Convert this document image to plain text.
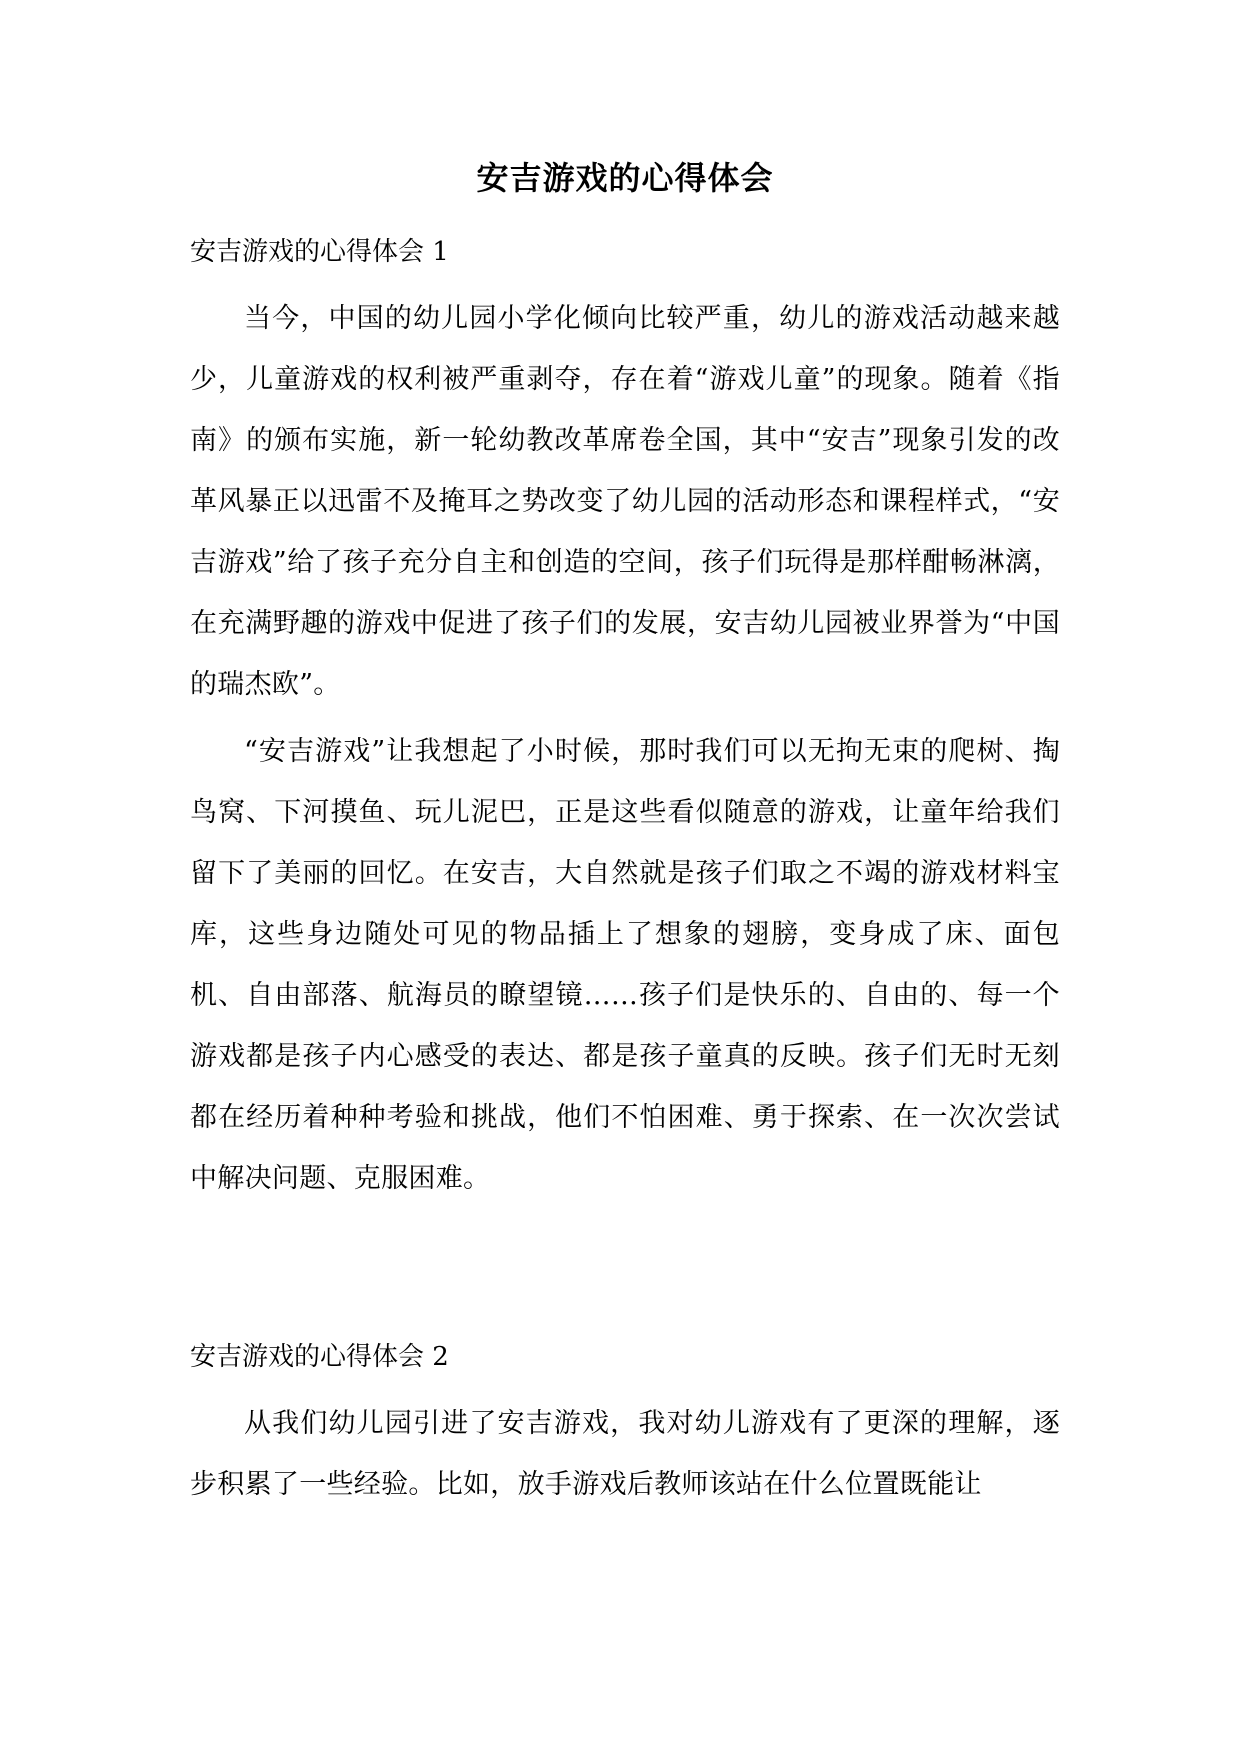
安吉游戏的心得体会
安吉游戏的心得体会 1

当今，中国的幼儿园小学化倾向比较严重，幼儿的游戏活动越来越少，儿童游戏的权利被严重剥夺，存在着“游戏儿童”的现象。随着《指南》的颁布实施，新一轮幼教改革席卷全国，其中“安吉”现象引发的改革风暴正以迅雷不及掩耳之势改变了幼儿园的活动形态和课程样式，“安吉游戏”给了孩子充分自主和创造的空间，孩子们玩得是那样酣畅淋漓，在充满野趣的游戏中促进了孩子们的发展，安吉幼儿园被业界誉为“中国的瑞杰欧”。

“安吉游戏”让我想起了小时候，那时我们可以无拘无束的爬树、掏鸟窝、下河摸鱼、玩儿泥巴，正是这些看似随意的游戏，让童年给我们留下了美丽的回忆。在安吉，大自然就是孩子们取之不竭的游戏材料宝库，这些身边随处可见的物品插上了想象的翅膀，变身成了床、面包机、自由部落、航海员的瞭望镜……孩子们是快乐的、自由的、每一个游戏都是孩子内心感受的表达、都是孩子童真的反映。孩子们无时无刻都在经历着种种考验和挑战，他们不怕困难、勇于探索、在一次次尝试中解决问题、克服困难。

安吉游戏的心得体会 2

从我们幼儿园引进了安吉游戏，我对幼儿游戏有了更深的理解，逐步积累了一些经验。比如，放手游戏后教师该站在什么位置既能让
